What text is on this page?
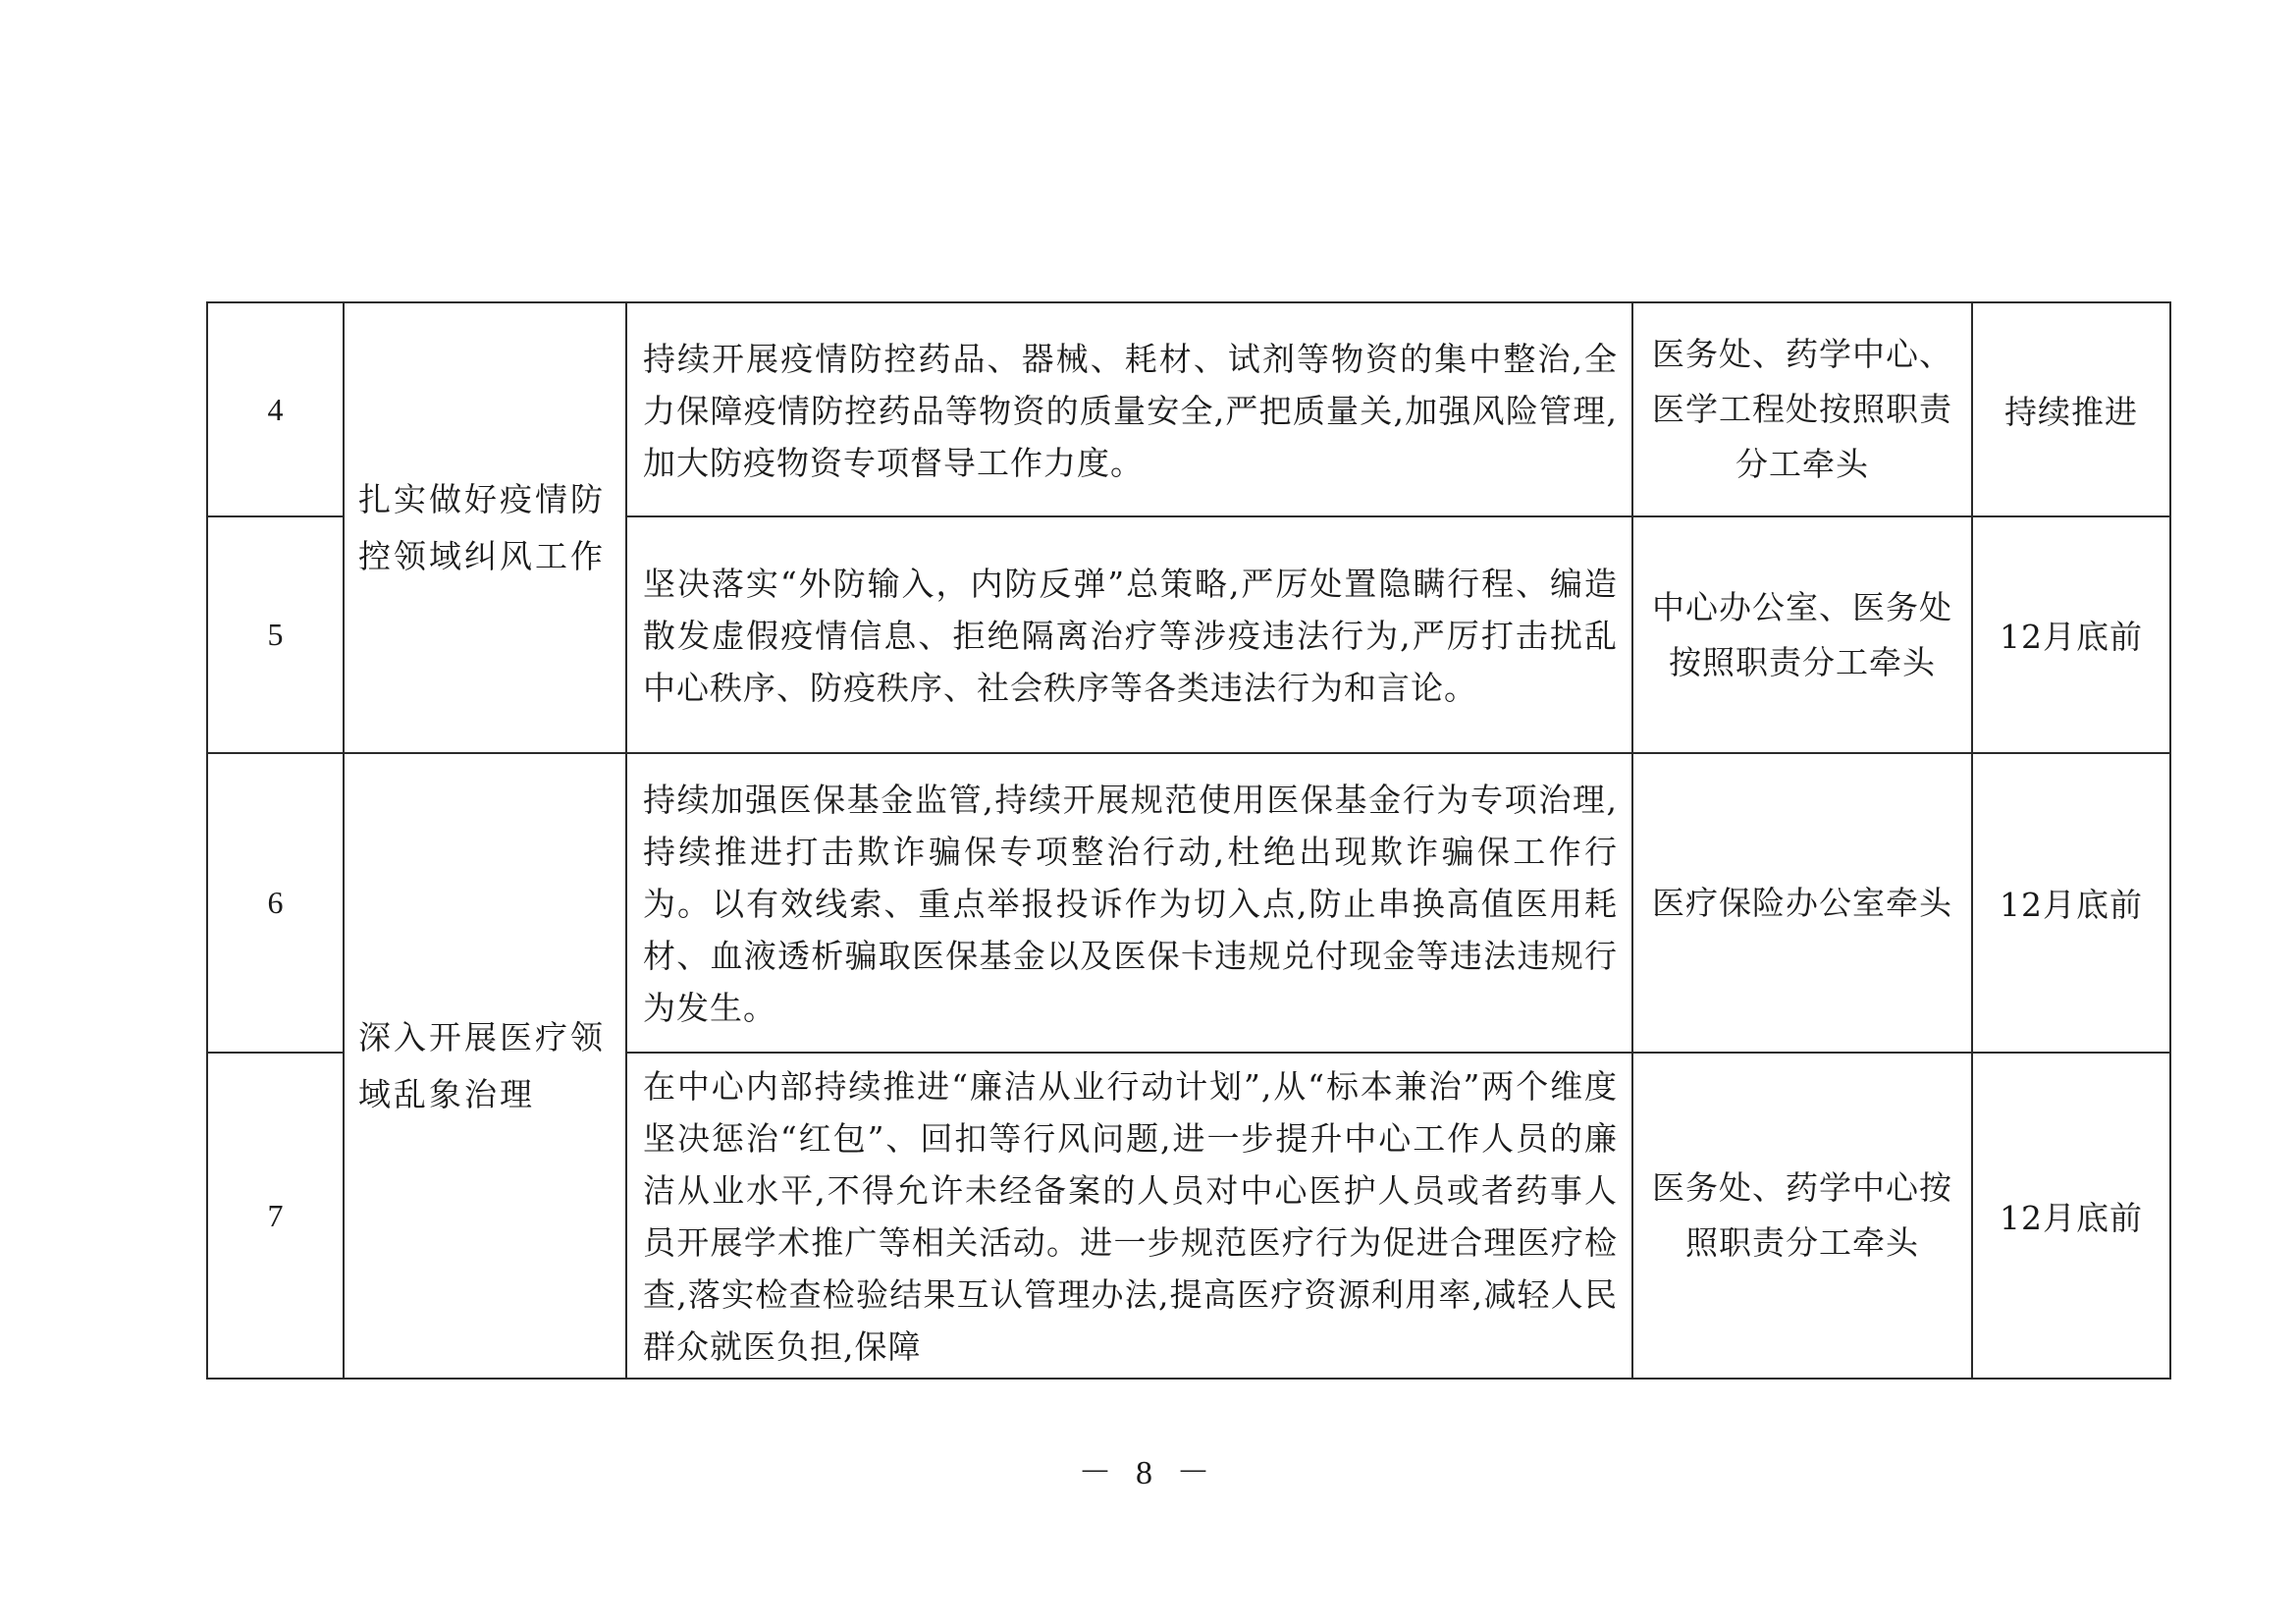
4	扎实做好疫情防控领域纠风工作	持续开展疫情防控药品、器械、耗材、试剂等物资的集中整治,全力保障疫情防控药品等物资的质量安全,严把质量关,加强风险管理,加大防疫物资专项督导工作力度。	医务处、药学中心、医学工程处按照职责分工牵头	持续推进
5		坚决落实“外防输入，内防反弹”总策略,严厉处置隐瞒行程、编造散发虚假疫情信息、拒绝隔离治疗等涉疫违法行为,严厉打击扰乱中心秩序、防疫秩序、社会秩序等各类违法行为和言论。	中心办公室、医务处按照职责分工牵头	12月底前
6	深入开展医疗领域乱象治理	持续加强医保基金监管,持续开展规范使用医保基金行为专项治理,持续推进打击欺诈骗保专项整治行动,杜绝出现欺诈骗保工作行为。以有效线索、重点举报投诉作为切入点,防止串换高值医用耗材、血液透析骗取医保基金以及医保卡违规兑付现金等违法违规行为发生。	医疗保险办公室牵头	12月底前
7		在中心内部持续推进“廉洁从业行动计划”,从“标本兼治”两个维度坚决惩治“红包”、回扣等行风问题,进一步提升中心工作人员的廉洁从业水平,不得允许未经备案的人员对中心医护人员或者药事人员开展学术推广等相关活动。进一步规范医疗行为促进合理医疗检查,落实检查检验结果互认管理办法,提高医疗资源利用率,减轻人民群众就医负担,保障	医务处、药学中心按照职责分工牵头	12月底前
－ 8 －
